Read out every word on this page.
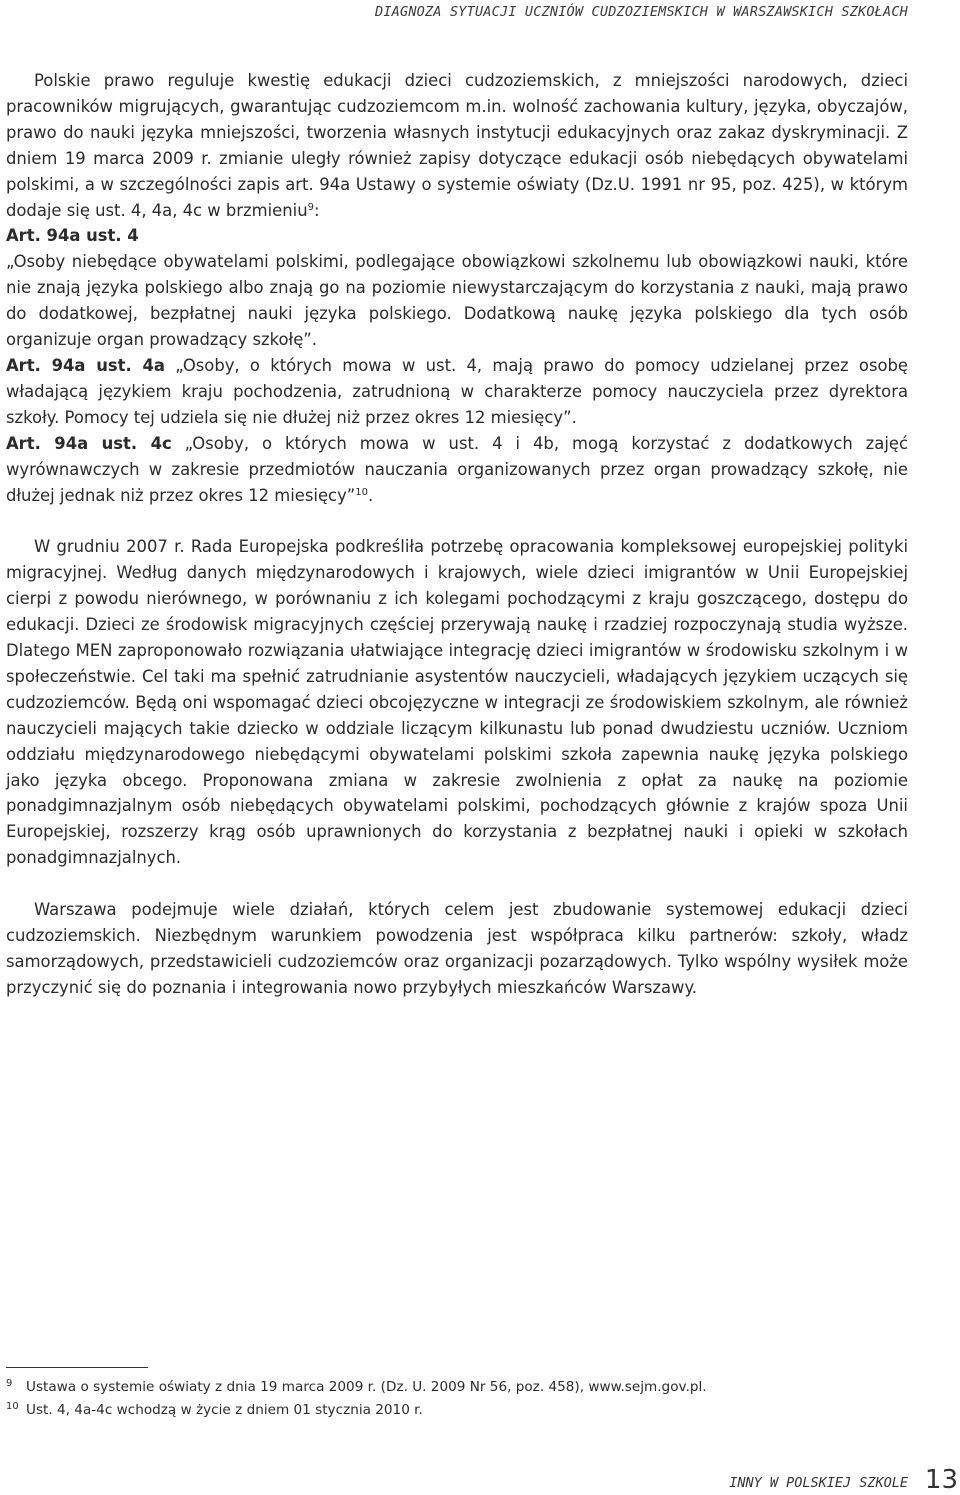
DIAGNOZA SYTUACJI UCZNIÓW CUDZOZIEMSKICH W WARSZAWSKICH SZKOŁACH

Polskie prawo reguluje kwestię edukacji dzieci cudzoziemskich, z mniejszości narodowych, dzieci pracowników migrujących, gwarantując cudzoziemcom m.in. wolność zachowania kultury, języka, obyczajów, prawo do nauki języka mniejszości, tworzenia własnych instytucji edukacyjnych oraz zakaz dyskryminacji. Z dniem 19 marca 2009 r. zmianie uległy również zapisy dotyczące edukacji osób niebędących obywatelami polskimi, a w szczególności zapis art. 94a Ustawy o systemie oświaty (Dz.U. 1991 nr 95, poz. 425), w którym dodaje się ust. 4, 4a, 4c w brzmieniu$^9$:

Art. 94a ust. 4

„Osoby niebędące obywatelami polskimi, podlegające obowiązkowi szkolnemu lub obowiązkowi nauki, które nie znają języka polskiego albo znają go na poziomie niewystarczającym do korzystania z nauki, mają prawo do dodatkowej, bezpłatnej nauki języka polskiego. Dodatkową naukę języka polskiego dla tych osób organizuje organ prowadzący szkołę”.

Art. 94a ust. 4a „Osoby, o których mowa w ust. 4, mają prawo do pomocy udzielanej przez osobę władającą językiem kraju pochodzenia, zatrudnioną w charakterze pomocy nauczyciela przez dyrektora szkoły. Pomocy tej udziela się nie dłużej niż przez okres 12 miesięcy”.

Art. 94a ust. 4c „Osoby, o których mowa w ust. 4 i 4b, mogą korzystać z dodatkowych zajęć wyrównawczych w zakresie przedmiotów nauczania organizowanych przez organ prowadzący szkołę, nie dłużej jednak niż przez okres 12 miesięcy”$^{10}$.

W grudniu 2007 r. Rada Europejska podkreśliła potrzebę opracowania kompleksowej europejskiej polityki migracyjnej. Według danych międzynarodowych i krajowych, wiele dzieci imigrantów w Unii Europejskiej cierpi z powodu nierównego, w porównaniu z ich kolegami pochodzącymi z kraju goszczącego, dostępu do edukacji. Dzieci ze środowisk migracyjnych częściej przerywają naukę i rzadziej rozpoczynają studia wyższe. Dlatego MEN zaproponowało rozwiązania ułatwiające integrację dzieci imigrantów w środowisku szkolnym i w społeczeństwie. Cel taki ma spełnić zatrudnianie asystentów nauczycieli, władających językiem uczących się cudzoziemców. Będą oni wspomagać dzieci obcojęzyczne w integracji ze środowiskiem szkolnym, ale również nauczycieli mających takie dziecko w oddziale liczącym kilkunastu lub ponad dwudziestu uczniów. Uczniom oddziału międzynarodowego niebędącymi obywatelami polskimi szkoła zapewnia naukę języka polskiego jako języka obcego. Proponowana zmiana w zakresie zwolnienia z opłat za naukę na poziomie ponadgimnazjalnym osób niebędących obywatelami polskimi, pochodzących głównie z krajów spoza Unii Europejskiej, rozszerzy krąg osób uprawnionych do korzystania z bezpłatnej nauki i opieki w szkołach ponadgimnazjalnych.

Warszawa podejmuje wiele działań, których celem jest zbudowanie systemowej edukacji dzieci cudzoziemskich. Niezbędnym warunkiem powodzenia jest współpraca kilku partnerów: szkoły, władz samorządowych, przedstawicieli cudzoziemców oraz organizacji pozarządowych. Tylko wspólny wysiłek może przyczynić się do poznania i integrowania nowo przybyłych mieszkańców Warszawy.

9 Ustawa o systemie oświaty z dnia 19 marca 2009 r. (Dz. U. 2009 Nr 56, poz. 458), www.sejm.gov.pl.
10 Ust. 4, 4a-4c wchodzą w życie z dniem 01 stycznia 2010 r.
INNY W POLSKIEJ SZKOLE 13
